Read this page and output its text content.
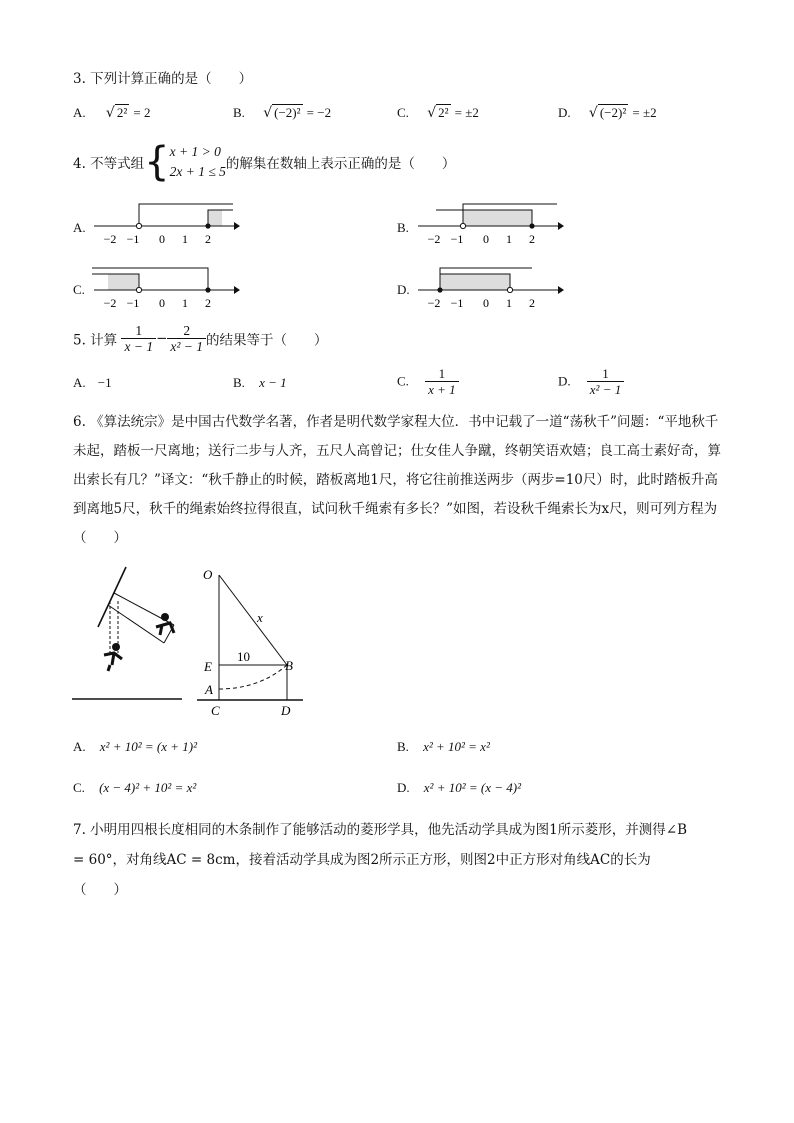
3. 下列计算正确的是（　　）
A. √ 2² = 2	B. √ (−2)² = −2	C. √ 2² = ±2	D. √ (−2)² = ±2
4. 不等式组{ x + 1 > 0
2x + 1 ≤ 5 的解集在数轴上表示正确的是（　　）
A.
−2 −1 0 1 2
B.
−2 −1 0 1 2
C.
−2 −1 0 1 2
D.
−2 −1 0 1 2
5. 计算 $\frac{1}{x - 1} - \frac{2}{\text{x² − 1}}$ 的结果等于（　　）
A. −1	B. x − 1	C. $\frac{1}{x + 1}$	D. $\frac{1}{\text{x² − 1}}$
6. 《算法统宗》是中国古代数学名著，作者是明代数学家程大位．书中记载了一道“荡秋千”问题：“平地秋千未起，踏板一尺离地；送行二步与人齐，五尺人高曾记；仕女佳人争蹴，终朝笑语欢嬉；良工高士素好奇，算出索长有几？”译文：“秋千静止的时候，踏板离地1尺，将它往前推送两步（两步=10尺）时，此时踏板升高到离地5尺，秋千的绳索始终拉得很直，试问秋千绳索有多长？”如图，若设秋千绳索长为x尺，则可列方程为（　　）
O
x
10
E	B
A
C	D
A. x² + 10² = (x + 1)²	B. x² + 10² = x²
C. (x − 4)² + 10² = x²	D. x² + 10² = (x − 4)²
7. 小明用四根长度相同的木条制作了能够活动的菱形学具，他先活动学具成为图1所示菱形，并测得∠B
= 60°，对角线AC = 8cm，接着活动学具成为图2所示正方形，则图2中正方形对角线AC的长为
（　　）
